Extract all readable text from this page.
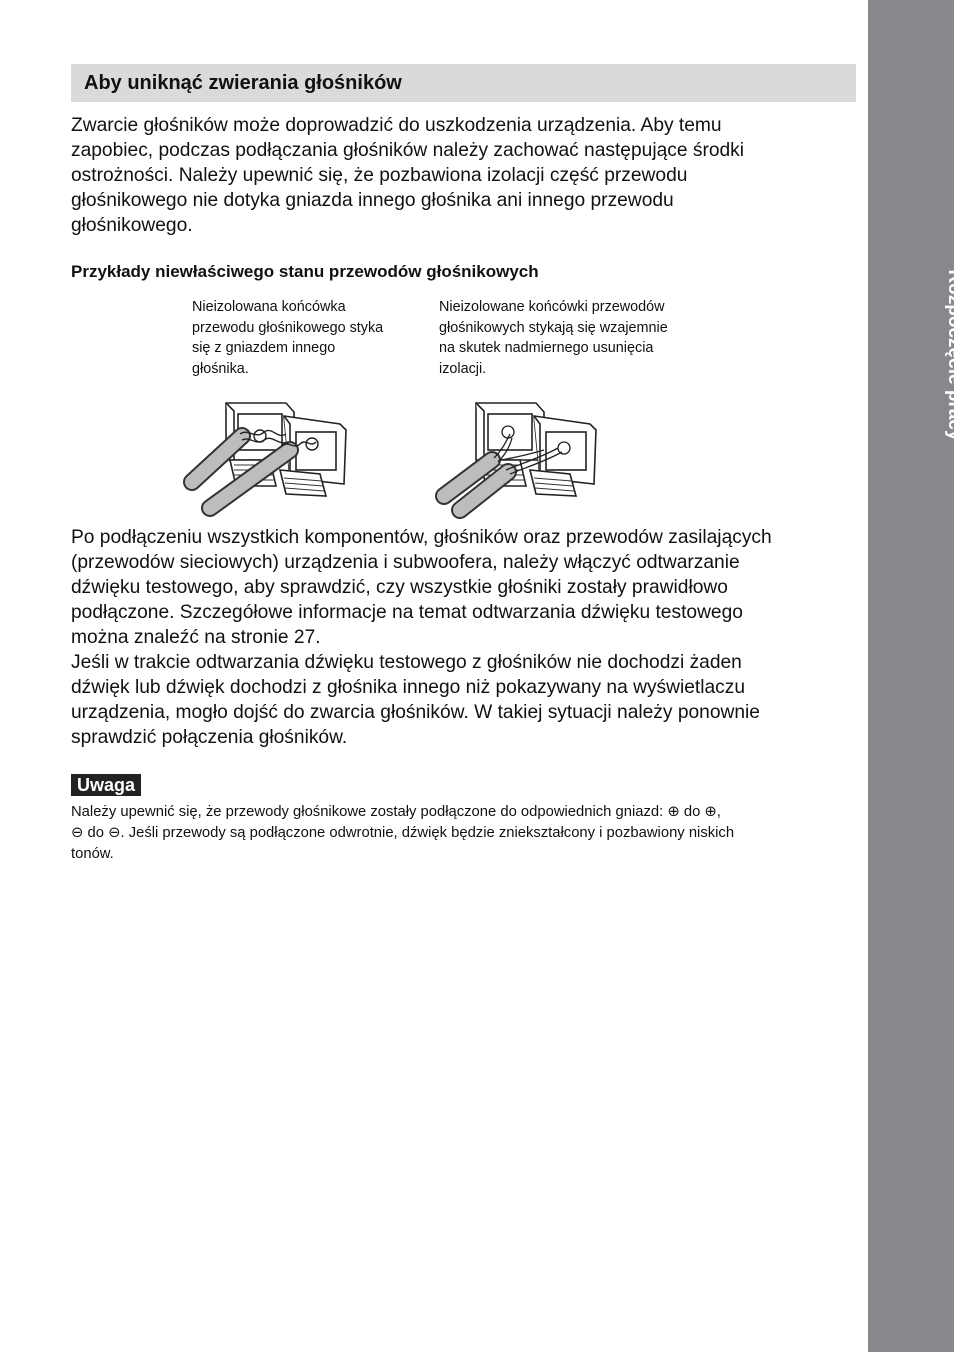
Rozpoczęcie pracy
Aby uniknąć zwierania głośników
Zwarcie głośników może doprowadzić do uszkodzenia urządzenia. Aby temu
zapobiec, podczas podłączania głośników należy zachować następujące środki
ostrożności. Należy upewnić się, że pozbawiona izolacji część przewodu
głośnikowego nie dotyka gniazda innego głośnika ani innego przewodu
głośnikowego.
Przykłady niewłaściwego stanu przewodów głośnikowych
Nieizolowana końcówka
przewodu głośnikowego styka
się z gniazdem innego
głośnika.
Nieizolowane końcówki przewodów
głośnikowych stykają się wzajemnie
na skutek nadmiernego usunięcia
izolacji.
Po podłączeniu wszystkich komponentów, głośników oraz przewodów zasilających
(przewodów sieciowych) urządzenia i subwoofera, należy włączyć odtwarzanie
dźwięku testowego, aby sprawdzić, czy wszystkie głośniki zostały prawidłowo
podłączone. Szczegółowe informacje na temat odtwarzania dźwięku testowego
można znaleźć na stronie 27.
Jeśli w trakcie odtwarzania dźwięku testowego z głośników nie dochodzi żaden
dźwięk lub dźwięk dochodzi z głośnika innego niż pokazywany na wyświetlaczu
urządzenia, mogło dojść do zwarcia głośników. W takiej sytuacji należy ponownie
sprawdzić połączenia głośników.
Uwaga
Należy upewnić się, że przewody głośnikowe zostały podłączone do odpowiednich gniazd: ⊕ do ⊕,
⊖ do ⊖. Jeśli przewody są podłączone odwrotnie, dźwięk będzie zniekształcony i pozbawiony niskich
tonów.
